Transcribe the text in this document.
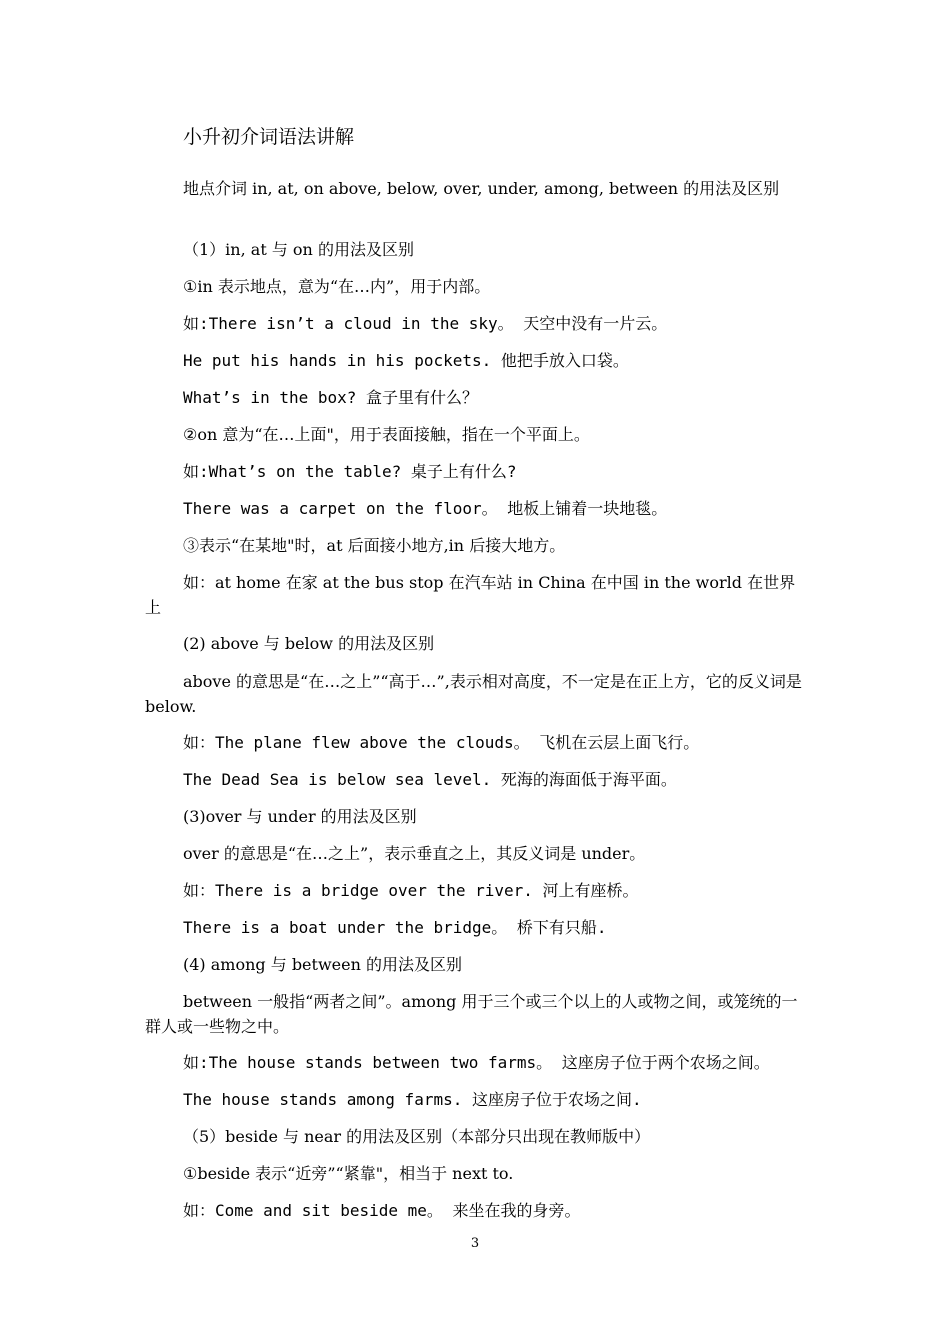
小升初介词语法讲解
地点介词 in, at, on above, below, over, under, among, between 的用法及区别
（1）in, at 与 on 的用法及区别
①in 表示地点，意为“在…内”，用于内部。
如:There isn’t a cloud in the sky。 天空中没有一片云。
He put his hands in his pockets. 他把手放入口袋。
What’s in the box? 盒子里有什么？
②on 意为“在…上面"，用于表面接触，指在一个平面上。
如:What’s on the table? 桌子上有什么?
There was a carpet on the floor。 地板上铺着一块地毯。
③表示“在某地"时，at 后面接小地方,in 后接大地方。
如：at home 在家 at the bus stop 在汽车站 in China 在中国 in the world 在世界上
(2) above 与 below 的用法及区别
above 的意思是“在…之上”“高于…”,表示相对高度，不一定是在正上方，它的反义词是 below.
如：The plane flew above the clouds。 飞机在云层上面飞行。
The Dead Sea is below sea level. 死海的海面低于海平面。
(3)over 与 under 的用法及区别
over 的意思是“在…之上”，表示垂直之上，其反义词是 under。
如：There is a bridge over the river. 河上有座桥。
There is a boat under the bridge。 桥下有只船.
(4) among 与 between 的用法及区别
between 一般指“两者之间”。among 用于三个或三个以上的人或物之间，或笼统的一群人或一些物之中。
如:The house stands between two farms。 这座房子位于两个农场之间。
The house stands among farms. 这座房子位于农场之间.
（5）beside 与 near 的用法及区别（本部分只出现在教师版中）
①beside 表示“近旁”“紧靠"，相当于 next to.
如：Come and sit beside me。 来坐在我的身旁。
3
